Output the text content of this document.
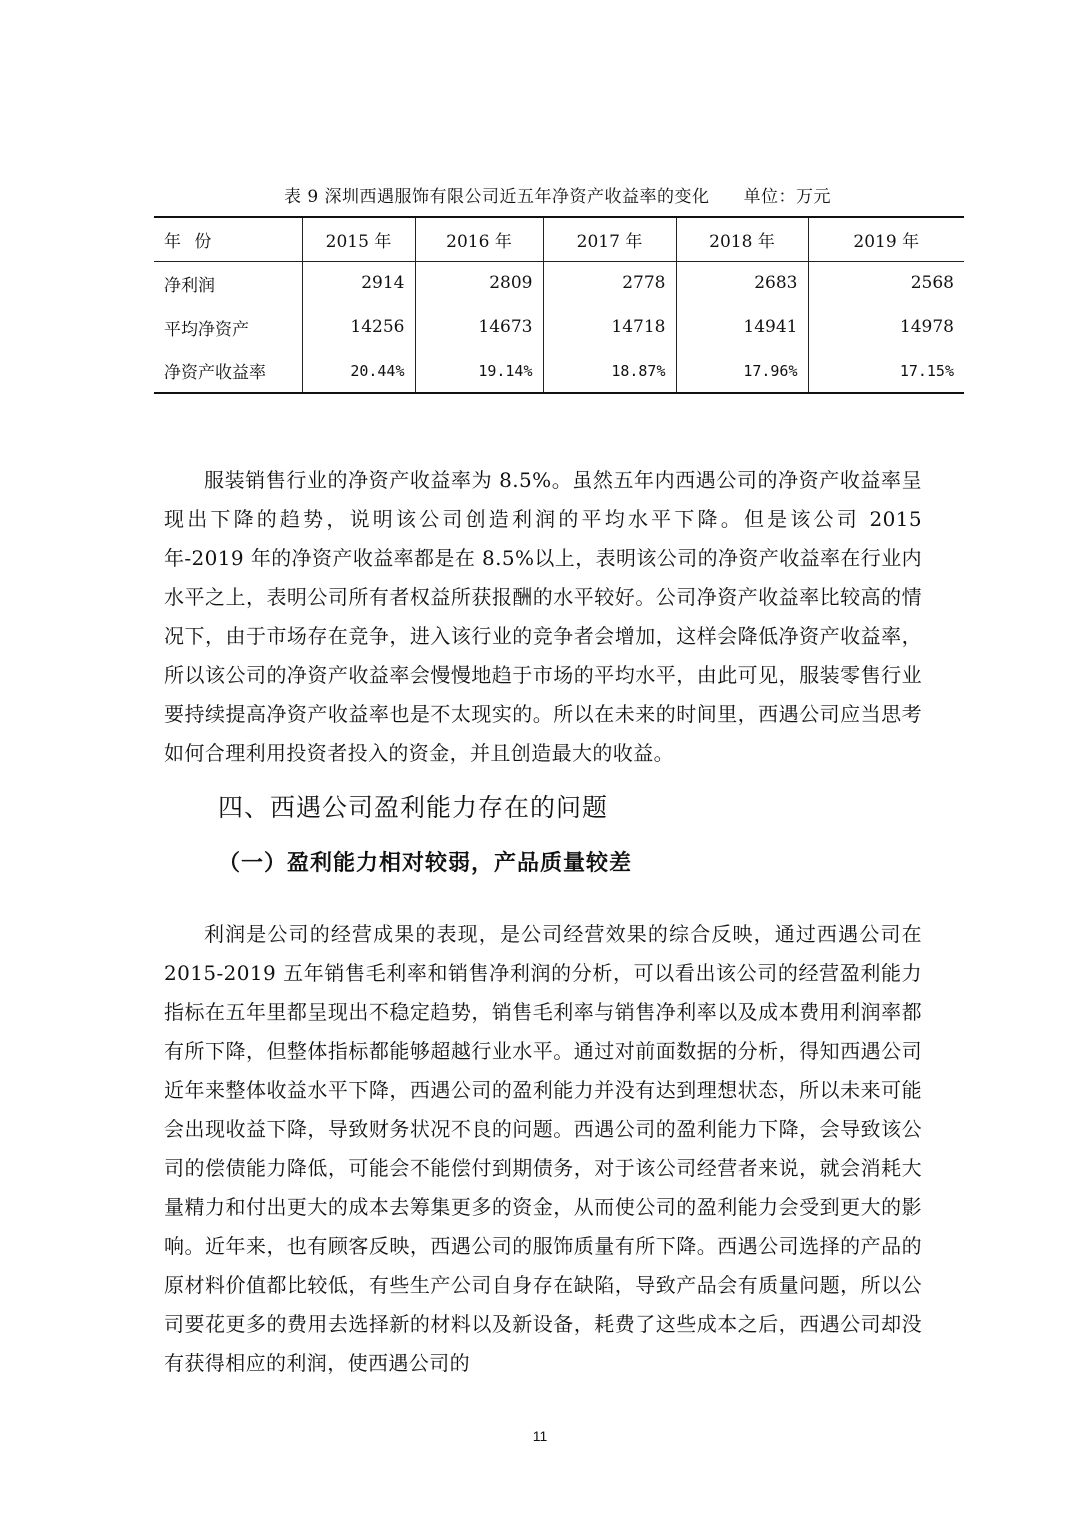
表 9 深圳西遇服饰有限公司近五年净资产收益率的变化 单位：万元
年 份	2015 年	2016 年	2017 年	2018 年	2019 年
净利润	2914	2809	2778	2683	2568
平均净资产	14256	14673	14718	14941	14978
净资产收益率	20.44%	19.14%	18.87%	17.96%	17.15%

服装销售行业的净资产收益率为 8.5%。虽然五年内西遇公司的净资产收益率呈现出下降的趋势，说明该公司创造利润的平均水平下降。但是该公司 2015 年-2019 年的净资产收益率都是在 8.5%以上，表明该公司的净资产收益率在行业内水平之上，表明公司所有者权益所获报酬的水平较好。公司净资产收益率比较高的情况下，由于市场存在竞争，进入该行业的竞争者会增加，这样会降低净资产收益率，所以该公司的净资产收益率会慢慢地趋于市场的平均水平，由此可见，服装零售行业要持续提高净资产收益率也是不太现实的。所以在未来的时间里，西遇公司应当思考如何合理利用投资者投入的资金，并且创造最大的收益。

四、西遇公司盈利能力存在的问题
（一）盈利能力相对较弱，产品质量较差

利润是公司的经营成果的表现，是公司经营效果的综合反映，通过西遇公司在 2015-2019 五年销售毛利率和销售净利润的分析，可以看出该公司的经营盈利能力指标在五年里都呈现出不稳定趋势，销售毛利率与销售净利率以及成本费用利润率都有所下降，但整体指标都能够超越行业水平。通过对前面数据的分析，得知西遇公司近年来整体收益水平下降，西遇公司的盈利能力并没有达到理想状态，所以未来可能会出现收益下降，导致财务状况不良的问题。西遇公司的盈利能力下降，会导致该公司的偿债能力降低，可能会不能偿付到期债务，对于该公司经营者来说，就会消耗大量精力和付出更大的成本去筹集更多的资金，从而使公司的盈利能力会受到更大的影响。近年来，也有顾客反映，西遇公司的服饰质量有所下降。西遇公司选择的产品的原材料价值都比较低，有些生产公司自身存在缺陷，导致产品会有质量问题，所以公司要花更多的费用去选择新的材料以及新设备，耗费了这些成本之后，西遇公司却没有获得相应的利润，使西遇公司的

11
